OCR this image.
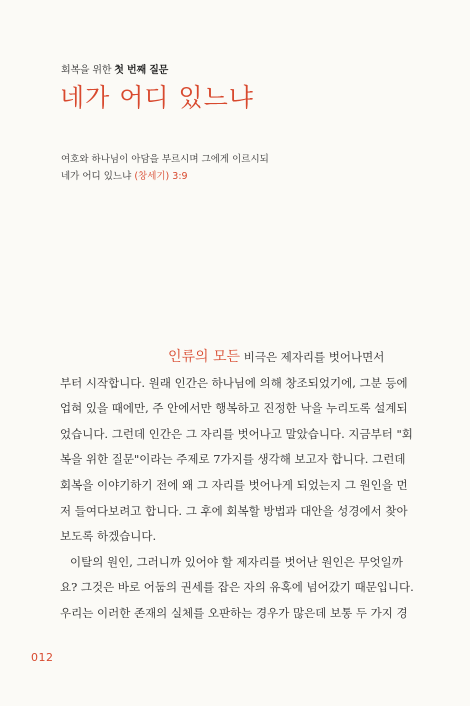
회복을 위한 첫 번째 질문
네가 어디 있느냐
여호와 하나님이 아담을 부르시며 그에게 이르시되
네가 어디 있느냐 (창세기) 3:9

인류의 모든 비극은 제자리를 벗어나면서
부터 시작합니다. 원래 인간은 하나님에 의해 창조되었기에, 그분 등에
업혀 있을 때에만, 주 안에서만 행복하고 진정한 낙을 누리도록 설계되
었습니다. 그런데 인간은 그 자리를 벗어나고 말았습니다. 지금부터 "회
복을 위한 질문"이라는 주제로 7가지를 생각해 보고자 합니다. 그런데
회복을 이야기하기 전에 왜 그 자리를 벗어나게 되었는지 그 원인을 먼
저 들여다보려고 합니다. 그 후에 회복할 방법과 대안을 성경에서 찾아
보도록 하겠습니다.

이탈의 원인, 그러니까 있어야 할 제자리를 벗어난 원인은 무엇일까
요? 그것은 바로 어둠의 권세를 잡은 자의 유혹에 넘어갔기 때문입니다.
우리는 이러한 존재의 실체를 오판하는 경우가 많은데 보통 두 가지 경

012
